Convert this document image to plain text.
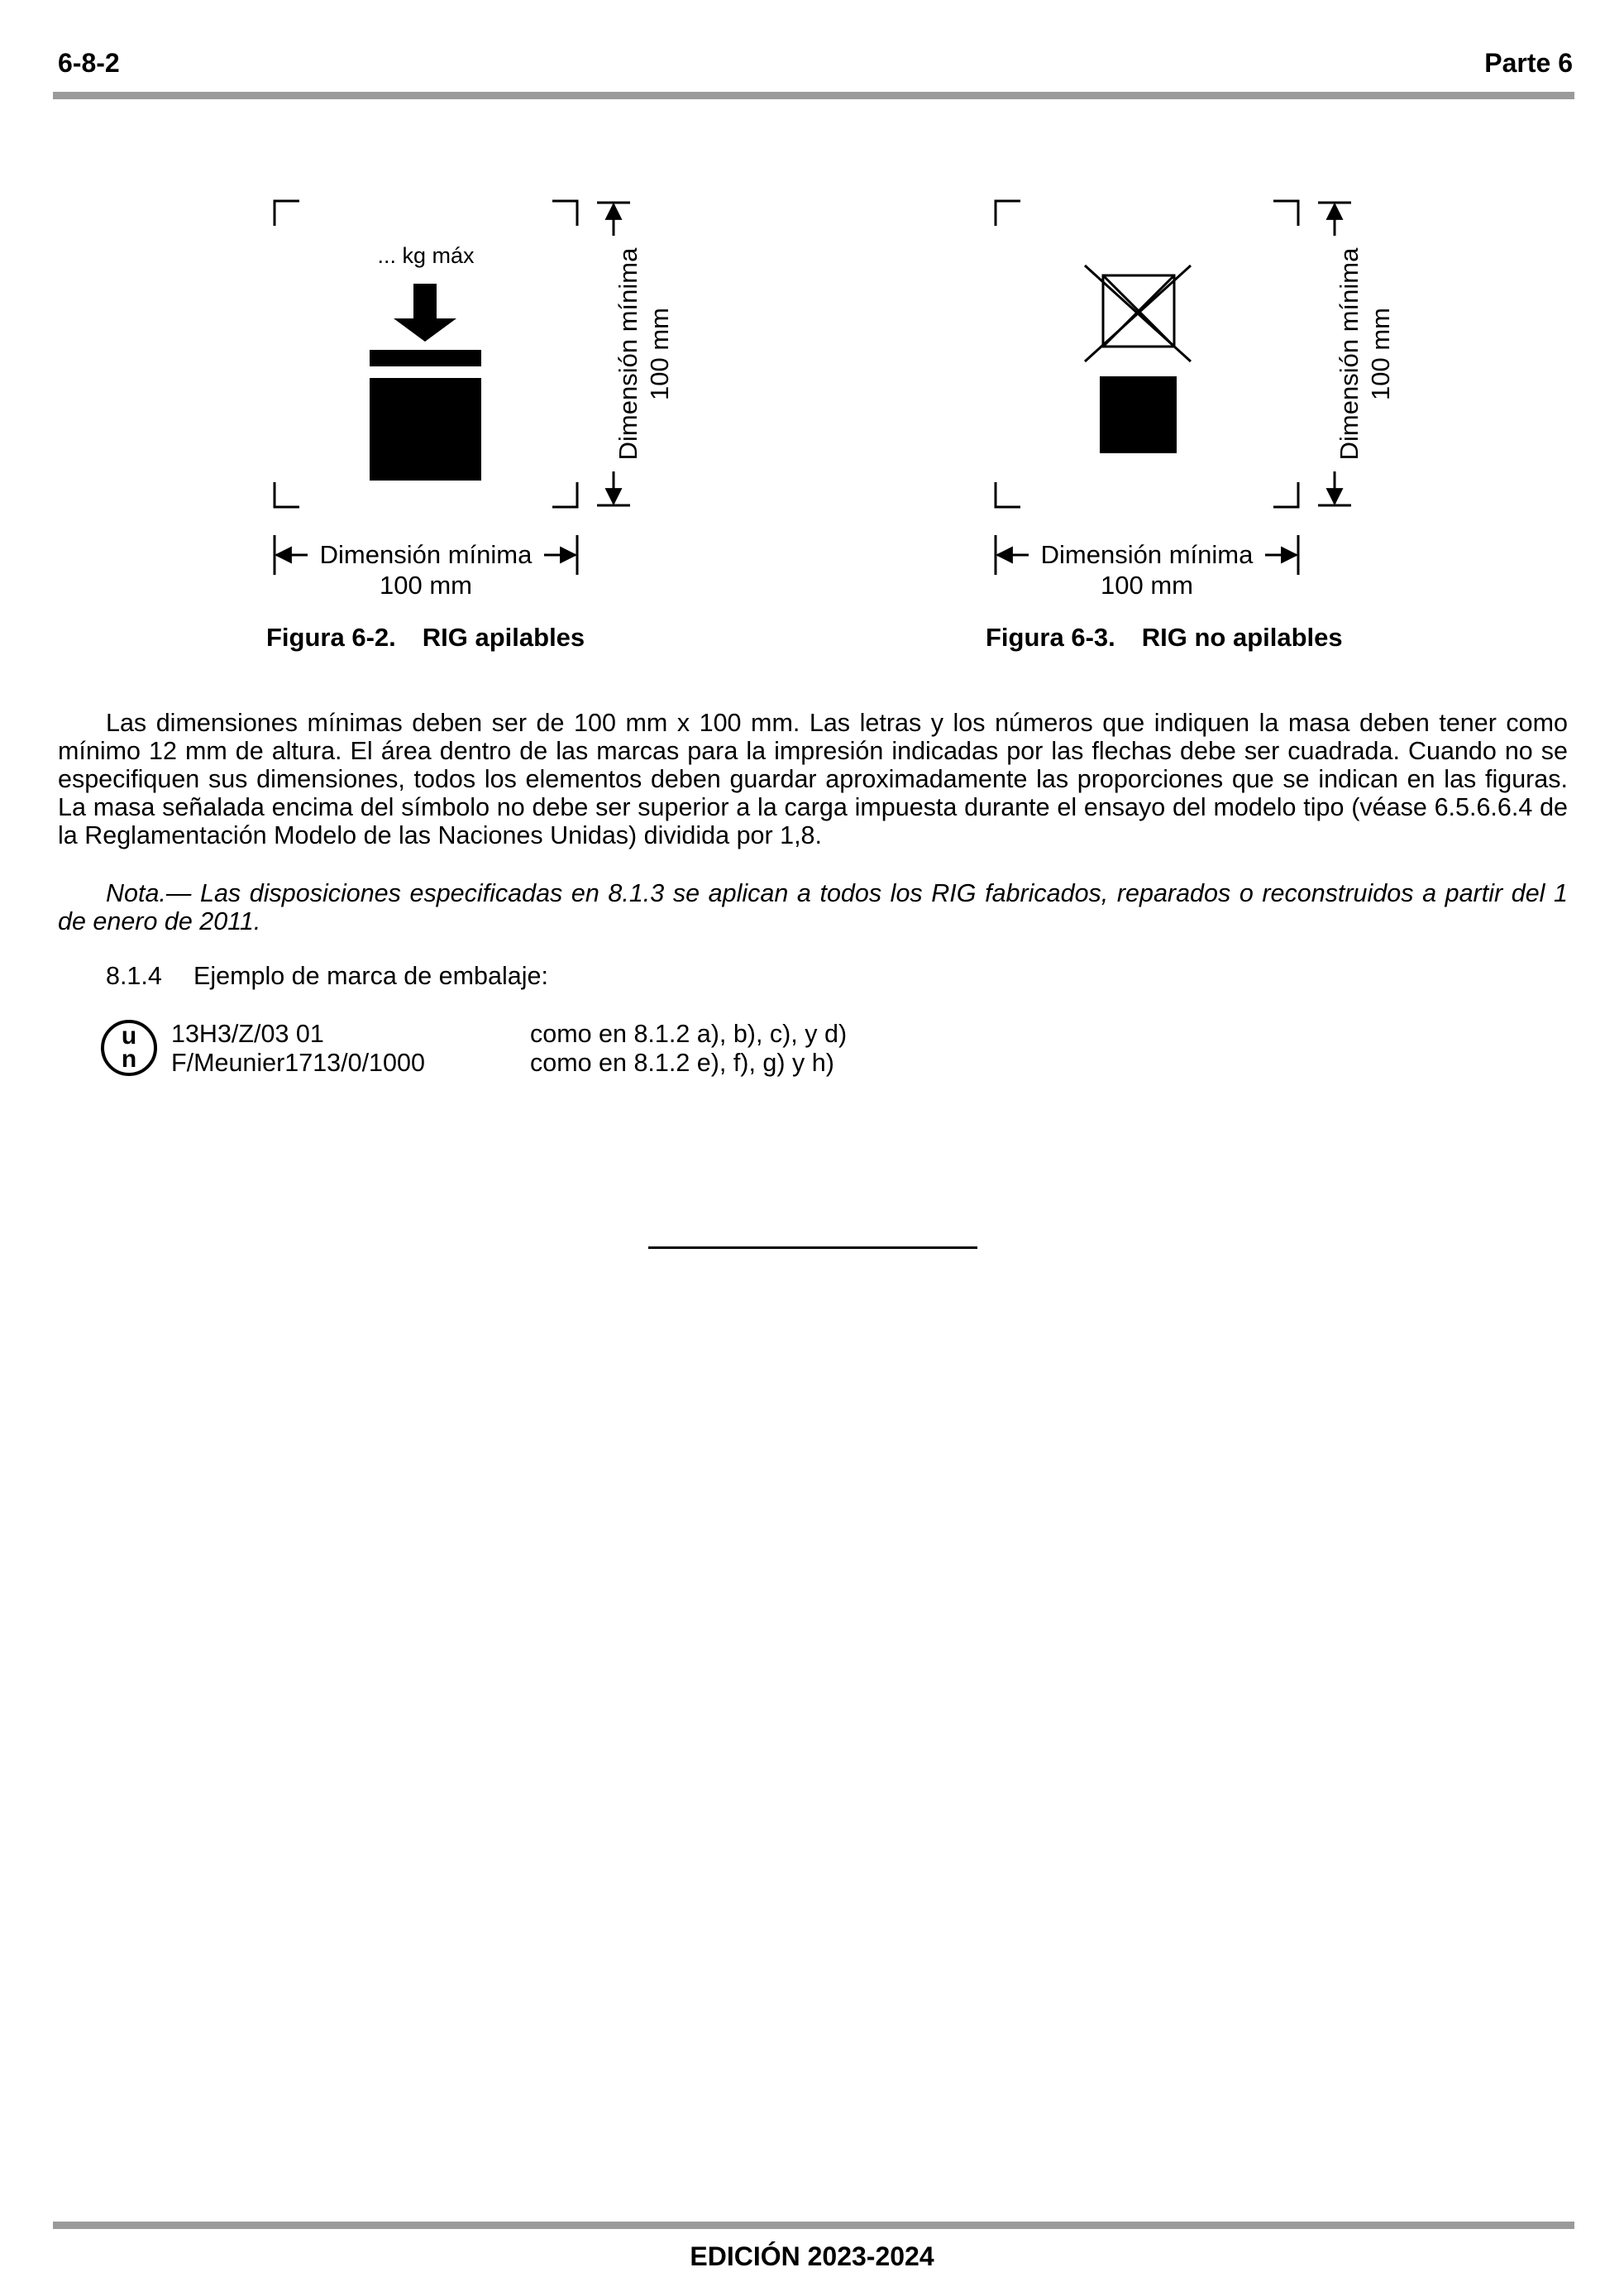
6-8-2	Parte 6
... kg máx	Dimensión mínima 100 mm
Dimensión mínima
100 mm
Figura 6-2. RIG apilables
Dimensión mínima 100 mm
Dimensión mínima
100 mm
Figura 6-3. RIG no apilables

Las dimensiones mínimas deben ser de 100 mm x 100 mm. Las letras y los números que indiquen la masa deben tener como mínimo 12 mm de altura. El área dentro de las marcas para la impresión indicadas por las flechas debe ser cuadrada. Cuando no se especifiquen sus dimensiones, todos los elementos deben guardar aproximadamente las proporciones que se indican en las figuras. La masa señalada encima del símbolo no debe ser superior a la carga impuesta durante el ensayo del modelo tipo (véase 6.5.6.6.4 de la Reglamentación Modelo de las Naciones Unidas) dividida por 1,8.

Nota.— Las disposiciones especificadas en 8.1.3 se aplican a todos los RIG fabricados, reparados o reconstruidos a partir del 1 de enero de 2011.

8.1.4 Ejemplo de marca de embalaje:
u
n
13H3/Z/03 01	como en 8.1.2 a), b), c), y d)
F/Meunier1713/0/1000	como en 8.1.2 e), f), g) y h)
EDICIÓN 2023-2024
